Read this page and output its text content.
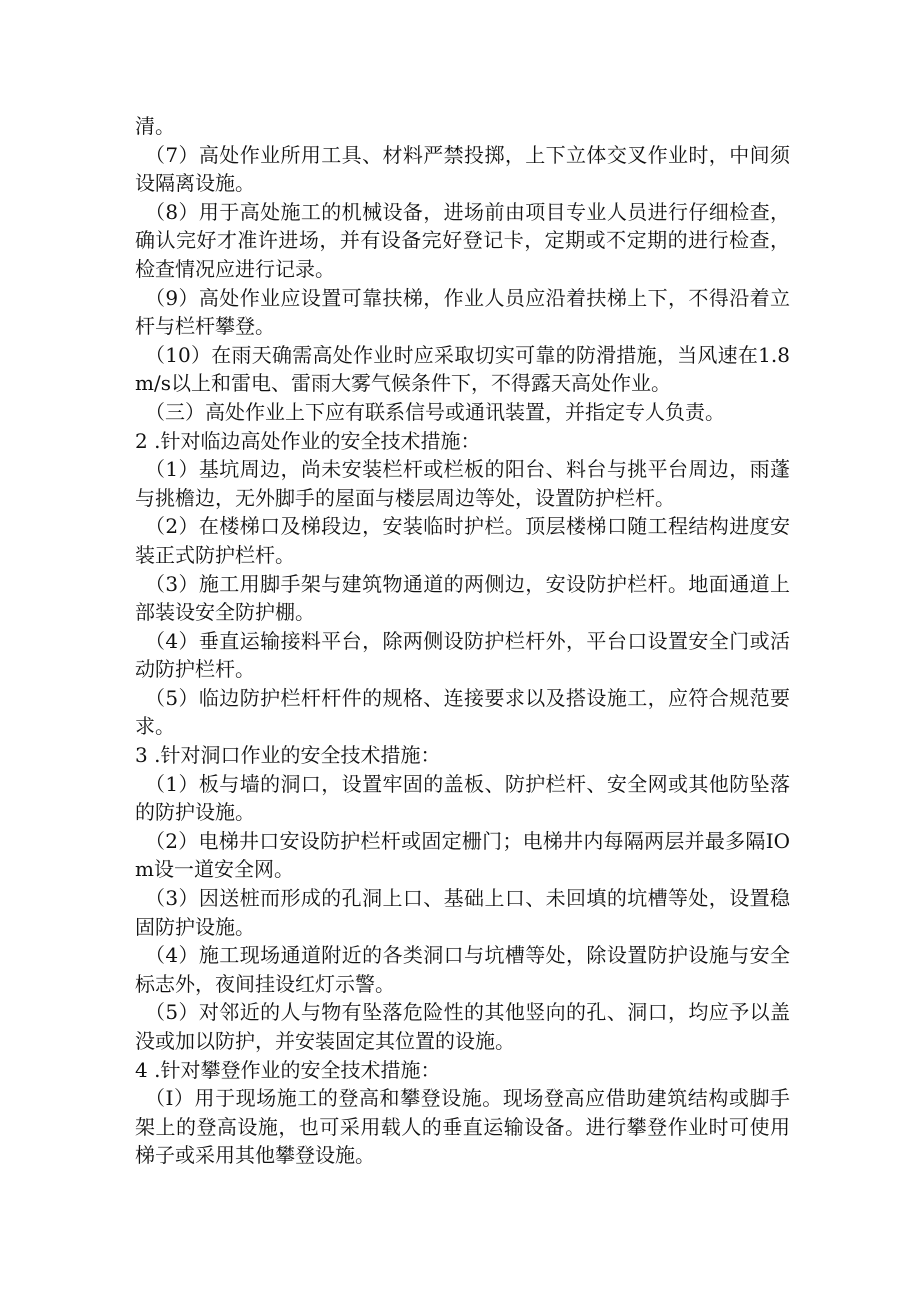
清。

（7）高处作业所用工具、材料严禁投掷，上下立体交叉作业时，中间须设隔离设施。

（8）用于高处施工的机械设备，进场前由项目专业人员进行仔细检查，确认完好才准许进场，并有设备完好登记卡，定期或不定期的进行检查，检查情况应进行记录。

（9）高处作业应设置可靠扶梯，作业人员应沿着扶梯上下，不得沿着立杆与栏杆攀登。

（10）在雨天确需高处作业时应采取切实可靠的防滑措施，当风速在1.8m∕s以上和雷电、雷雨大雾气候条件下，不得露天高处作业。

（三）高处作业上下应有联系信号或通讯装置，并指定专人负责。

2 .针对临边高处作业的安全技术措施：

（1）基坑周边，尚未安装栏杆或栏板的阳台、料台与挑平台周边，雨蓬与挑檐边，无外脚手的屋面与楼层周边等处，设置防护栏杆。

（2）在楼梯口及梯段边，安装临时护栏。顶层楼梯口随工程结构进度安装正式防护栏杆。

（3）施工用脚手架与建筑物通道的两侧边，安设防护栏杆。地面通道上部装设安全防护棚。

（4）垂直运输接料平台，除两侧设防护栏杆外，平台口设置安全门或活动防护栏杆。

（5）临边防护栏杆杆件的规格、连接要求以及搭设施工，应符合规范要求。

3 .针对洞口作业的安全技术措施：

（1）板与墙的洞口，设置牢固的盖板、防护栏杆、安全网或其他防坠落的防护设施。

（2）电梯井口安设防护栏杆或固定栅门；电梯井内每隔两层并最多隔IOm设一道安全网。

（3）因送桩而形成的孔洞上口、基础上口、未回填的坑槽等处，设置稳固防护设施。

（4）施工现场通道附近的各类洞口与坑槽等处，除设置防护设施与安全标志外，夜间挂设红灯示警。

（5）对邻近的人与物有坠落危险性的其他竖向的孔、洞口，均应予以盖没或加以防护，并安装固定其位置的设施。

4 .针对攀登作业的安全技术措施：

（I）用于现场施工的登高和攀登设施。现场登高应借助建筑结构或脚手架上的登高设施，也可采用载人的垂直运输设备。进行攀登作业时可使用梯子或采用其他攀登设施。
